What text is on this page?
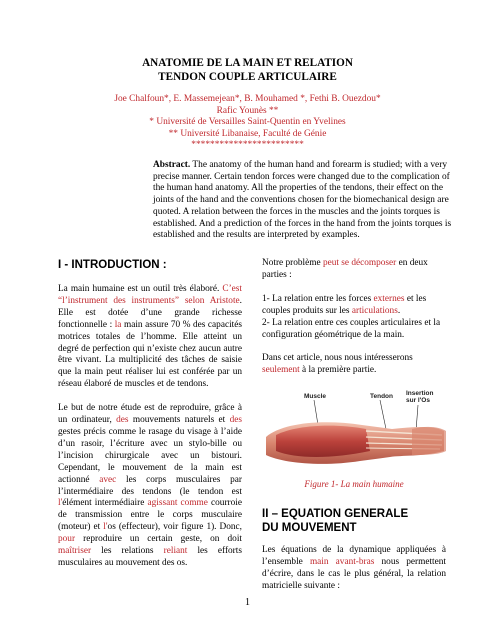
ANATOMIE DE LA MAIN ET RELATION
TENDON COUPLE ARTICULAIRE
Joe Chalfoun*, E. Massemejean*, B. Mouhamed *, Fethi B. Ouezdou*
Rafic Younès **
* Université de Versailles Saint-Quentin en Yvelines
** Université Libanaise, Faculté de Génie
************************
Abstract. The anatomy of the human hand and forearm is studied; with a very precise manner. Certain tendon forces were changed due to the complication of the human hand anatomy. All the properties of the tendons, their effect on the joints of the hand and the conventions chosen for the biomechanical design are quoted. A relation between the forces in the muscles and the joints torques is established. And a prediction of the forces in the hand from the joints torques is established and the results are interpreted by examples.
I - INTRODUCTION :

La main humaine est un outil très élaboré. C’est “l’instrument des instruments” selon Aristote. Elle est dotée d’une grande richesse fonctionnelle : la main assure 70 % des capacités motrices totales de l’homme. Elle atteint un degré de perfection qui n’existe chez aucun autre être vivant. La multiplicité des tâches de saisie que la main peut réaliser lui est conférée par un réseau élaboré de muscles et de tendons.

Le but de notre étude est de reproduire, grâce à un ordinateur, des mouvements naturels et des gestes précis comme le rasage du visage à l’aide d’un rasoir, l’écriture avec un stylo-bille ou l’incision chirurgicale avec un bistouri. Cependant, le mouvement de la main est actionné avec les corps musculaires par l’intermédiaire des tendons (le tendon est l'élément intermédiaire agissant comme courroie de transmission entre le corps musculaire (moteur) et l'os (effecteur), voir figure 1). Donc, pour reproduire un certain geste, on doit maîtriser les relations reliant les efforts musculaires au mouvement des os.

Notre problème peut se décomposer en deux parties :

1- La relation entre les forces externes et les couples produits sur les articulations.

2- La relation entre ces couples articulaires et la configuration géométrique de la main.

Dans cet article, nous nous intéresserons seulement à la première partie.

Muscle	Tendon Insertion
sur l'Os

Figure 1- La main humaine

II – EQUATION GENERALE
DU MOUVEMENT

Les équations de la dynamique appliquées à l’ensemble main avant-bras nous permettent d’écrire, dans le cas le plus général, la relation matricielle suivante :

1
